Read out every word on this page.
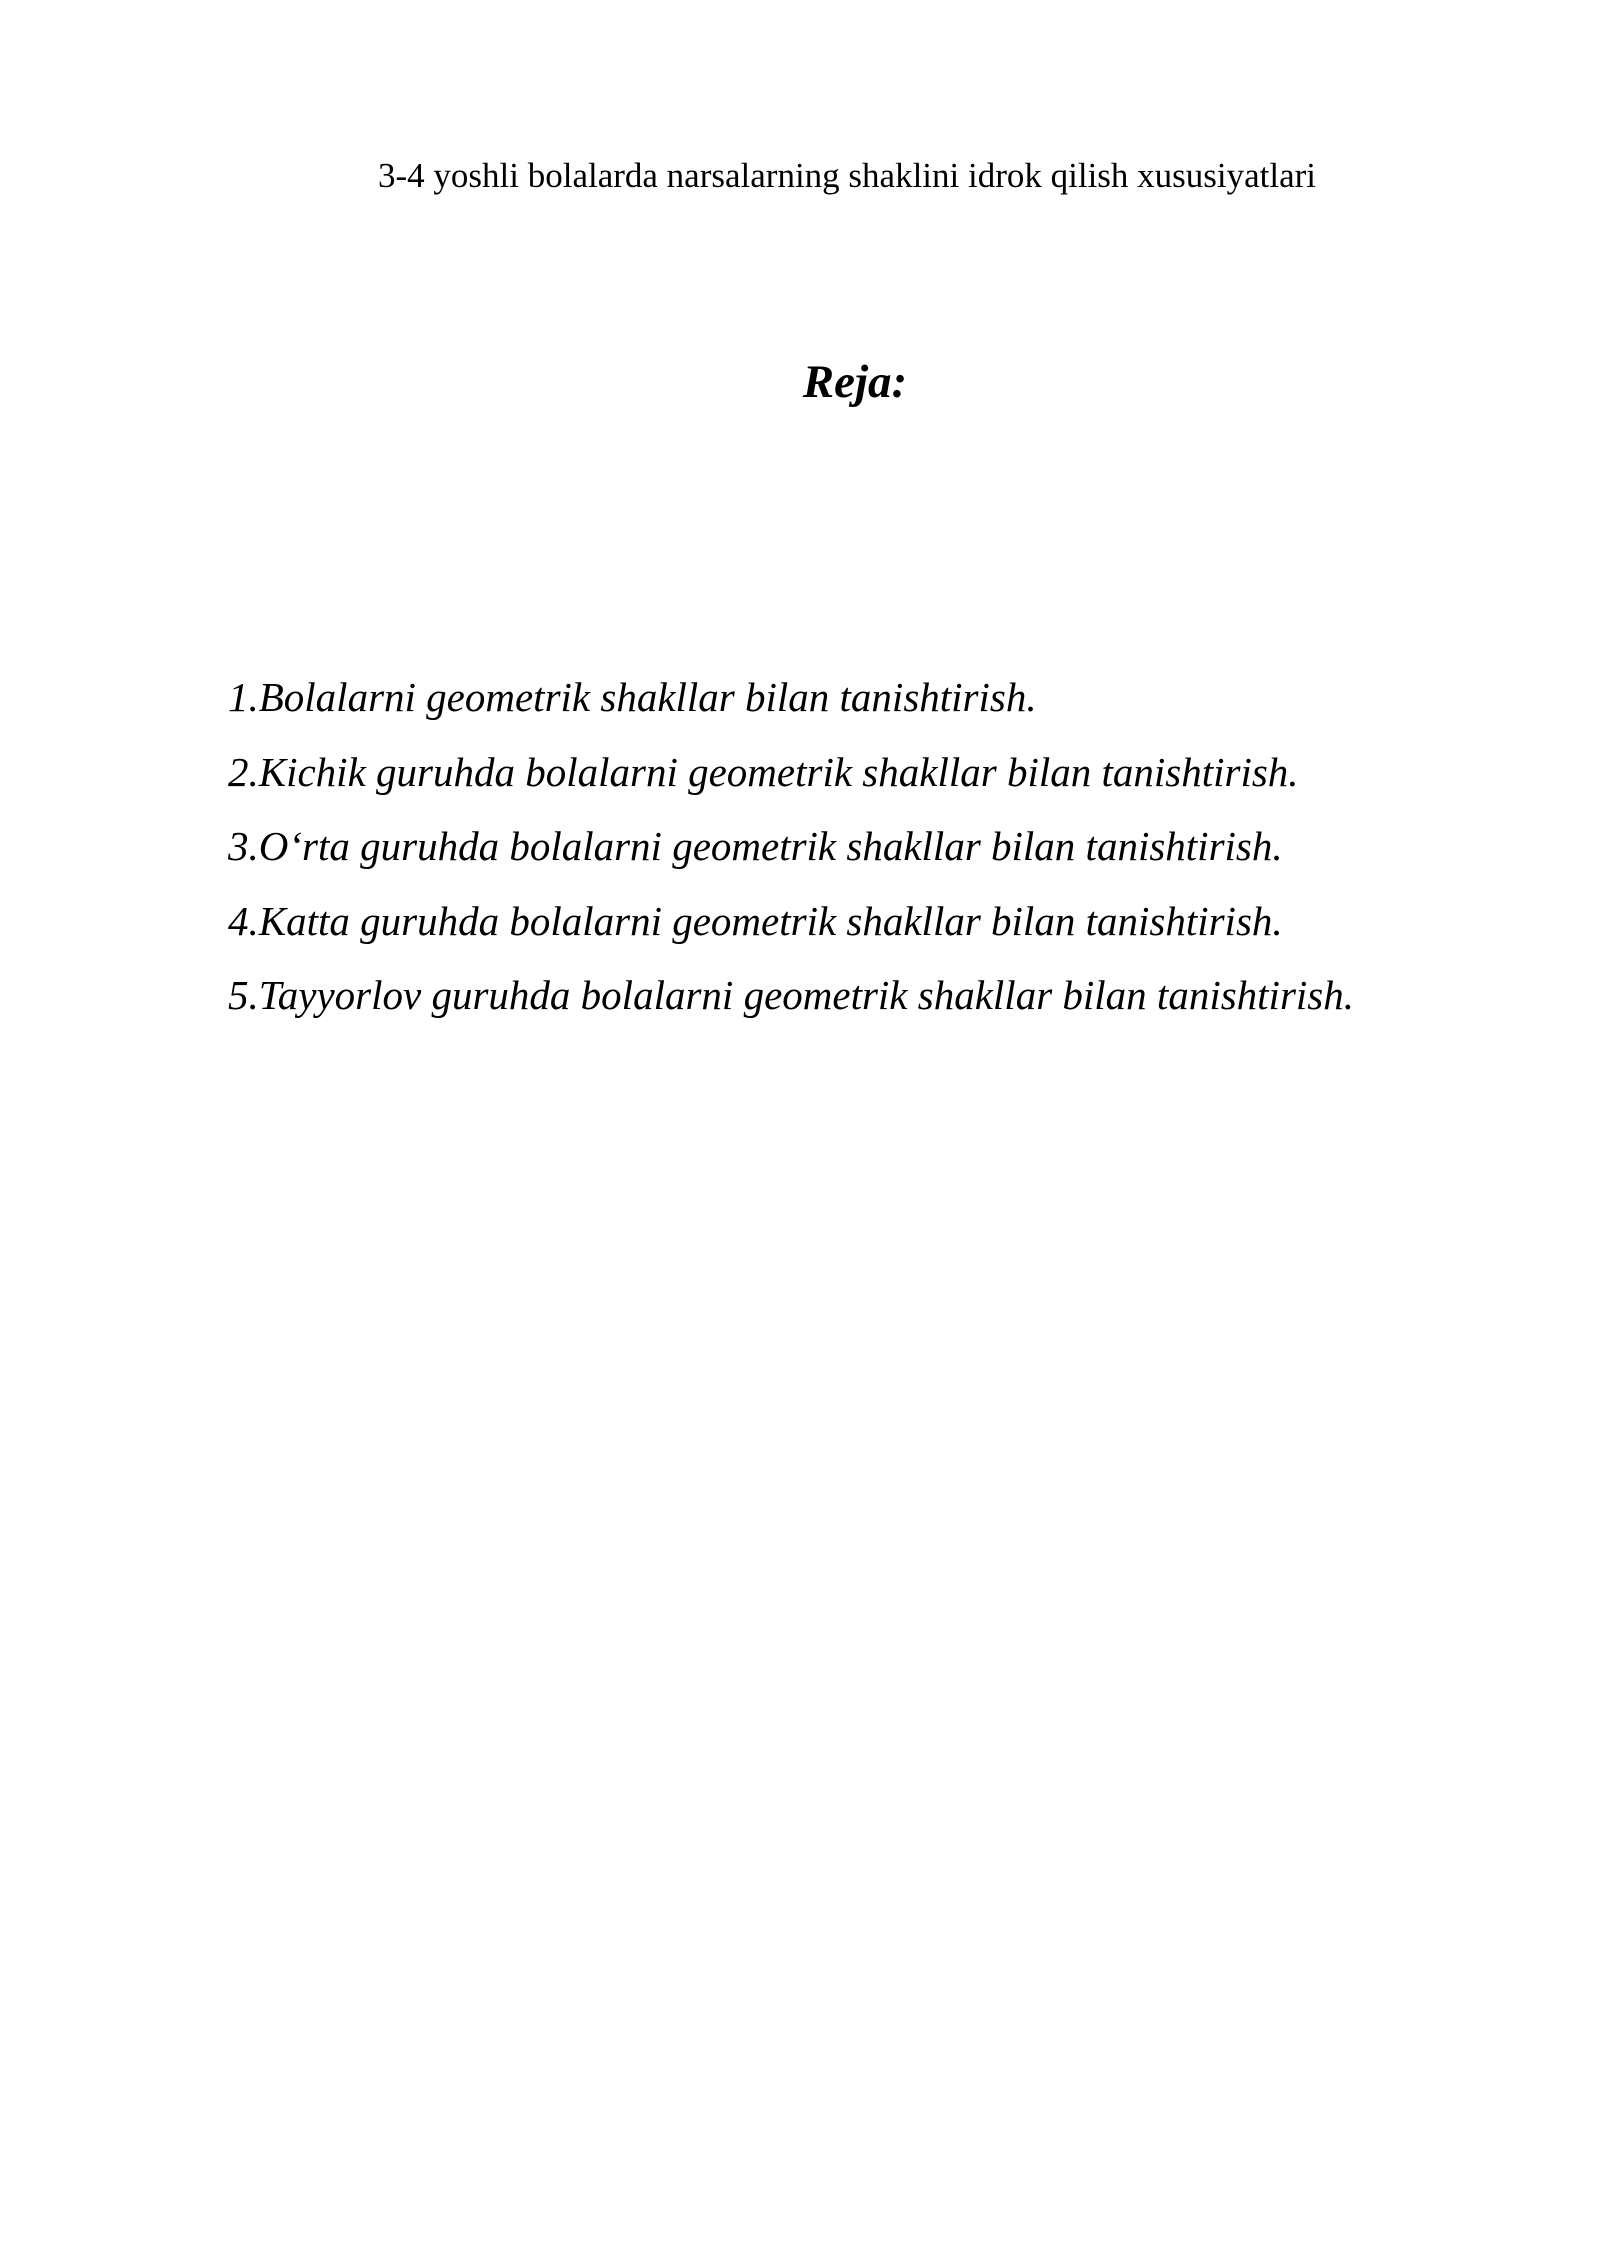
3-4 yoshli bolalarda narsalarning shaklini idrok qilish xususiyatlari
Reja:
1.Bolalarni geometrik shakllar bilan tanishtirish.
2.Kichik guruhda bolalarni geometrik shakllar bilan tanishtirish.
3.O‘rta guruhda bolalarni geometrik shakllar bilan tanishtirish.
4.Katta guruhda bolalarni geometrik shakllar bilan tanishtirish.
5.Tayyorlov guruhda bolalarni geometrik shakllar bilan tanishtirish.
